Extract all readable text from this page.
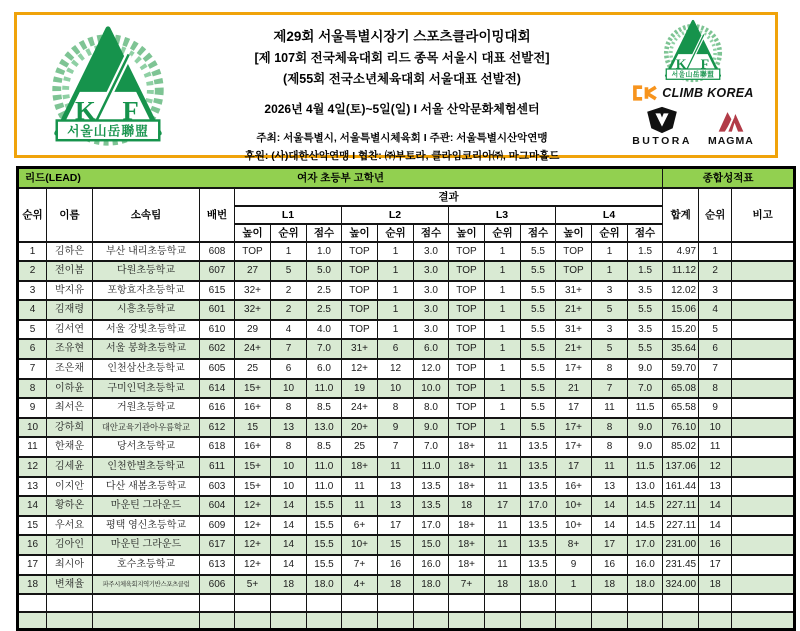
제29회 서울특별시장기 스포츠클라이밍대회
[제 107회 전국체육대회 리드 종목 서울시 대표 선발전]
(제55회 전국소년체육대회 서울대표 선발전)
2026년 4월 4일(토)~5일(일) I 서울 산악문화체험센터
주최: 서울특별시, 서울특별시체육회 I 주관: 서울특별시산악연맹
후원: (사)대한산악연맹 I 협찬: ㈜부토라, 클라임코리아㈜, 마그마홀드
CLIMB KOREA
BUTORA MAGMA
리드(LEAD) 여자 초등부 고학년																종합성적표		
순위	이름	소속팀	배번	결과												합계	순위	비고
				L1			L2			L3			L4					
				높이	순위	점수	높이	순위	점수	높이	순위	점수	높이	순위	점수			
1	김하은	부산 내리초등학교	608	TOP	1	1.0	TOP	1	3.0	TOP	1	5.5	TOP	1	1.5	4.97	1	
2	전이봄	다원초등학교	607	27	5	5.0	TOP	1	3.0	TOP	1	5.5	TOP	1	1.5	11.12	2	
3	박지유	포항효자초등학교	615	32+	2	2.5	TOP	1	3.0	TOP	1	5.5	31+	3	3.5	12.02	3	
4	김재령	시흥초등학교	601	32+	2	2.5	TOP	1	3.0	TOP	1	5.5	21+	5	5.5	15.06	4	
5	김서연	서울 강빛초등학교	610	29	4	4.0	TOP	1	3.0	TOP	1	5.5	31+	3	3.5	15.20	5	
6	조유현	서울 봉화초등학교	602	24+	7	7.0	31+	6	6.0	TOP	1	5.5	21+	5	5.5	35.64	6	
7	조은채	인천삼산초등학교	605	25	6	6.0	12+	12	12.0	TOP	1	5.5	17+	8	9.0	59.70	7	
8	이하윤	구미인덕초등학교	614	15+	10	11.0	19	10	10.0	TOP	1	5.5	21	7	7.0	65.08	8	
9	최서은	거원초등학교	616	16+	8	8.5	24+	8	8.0	TOP	1	5.5	17	11	11.5	65.58	9	
10	강하희	대안교육기관아우름학교	612	15	13	13.0	20+	9	9.0	TOP	1	5.5	17+	8	9.0	76.10	10	
11	한채운	당서초등학교	618	16+	8	8.5	25	7	7.0	18+	11	13.5	17+	8	9.0	85.02	11	
12	김세윤	인천한별초등학교	611	15+	10	11.0	18+	11	11.0	18+	11	13.5	17	11	11.5	137.06	12	
13	이지안	다산 새봄초등학교	603	15+	10	11.0	11	13	13.5	18+	11	13.5	16+	13	13.0	161.44	13	
14	황하온	마운틴 그라운드	604	12+	14	15.5	11	13	13.5	18	17	17.0	10+	14	14.5	227.11	14	
15	우서요	평택 영신초등학교	609	12+	14	15.5	6+	17	17.0	18+	11	13.5	10+	14	14.5	227.11	14	
16	김아인	마운틴 그라운드	617	12+	14	15.5	10+	15	15.0	18+	11	13.5	8+	17	17.0	231.00	16	
17	최시아	호수초등학교	613	12+	14	15.5	7+	16	16.0	18+	11	13.5	9	16	16.0	231.45	17	
18	변채율	파주시체육회지역기반스포츠클럽	606	5+	18	18.0	4+	18	18.0	7+	18	18.0	1	18	18.0	324.00	18	
